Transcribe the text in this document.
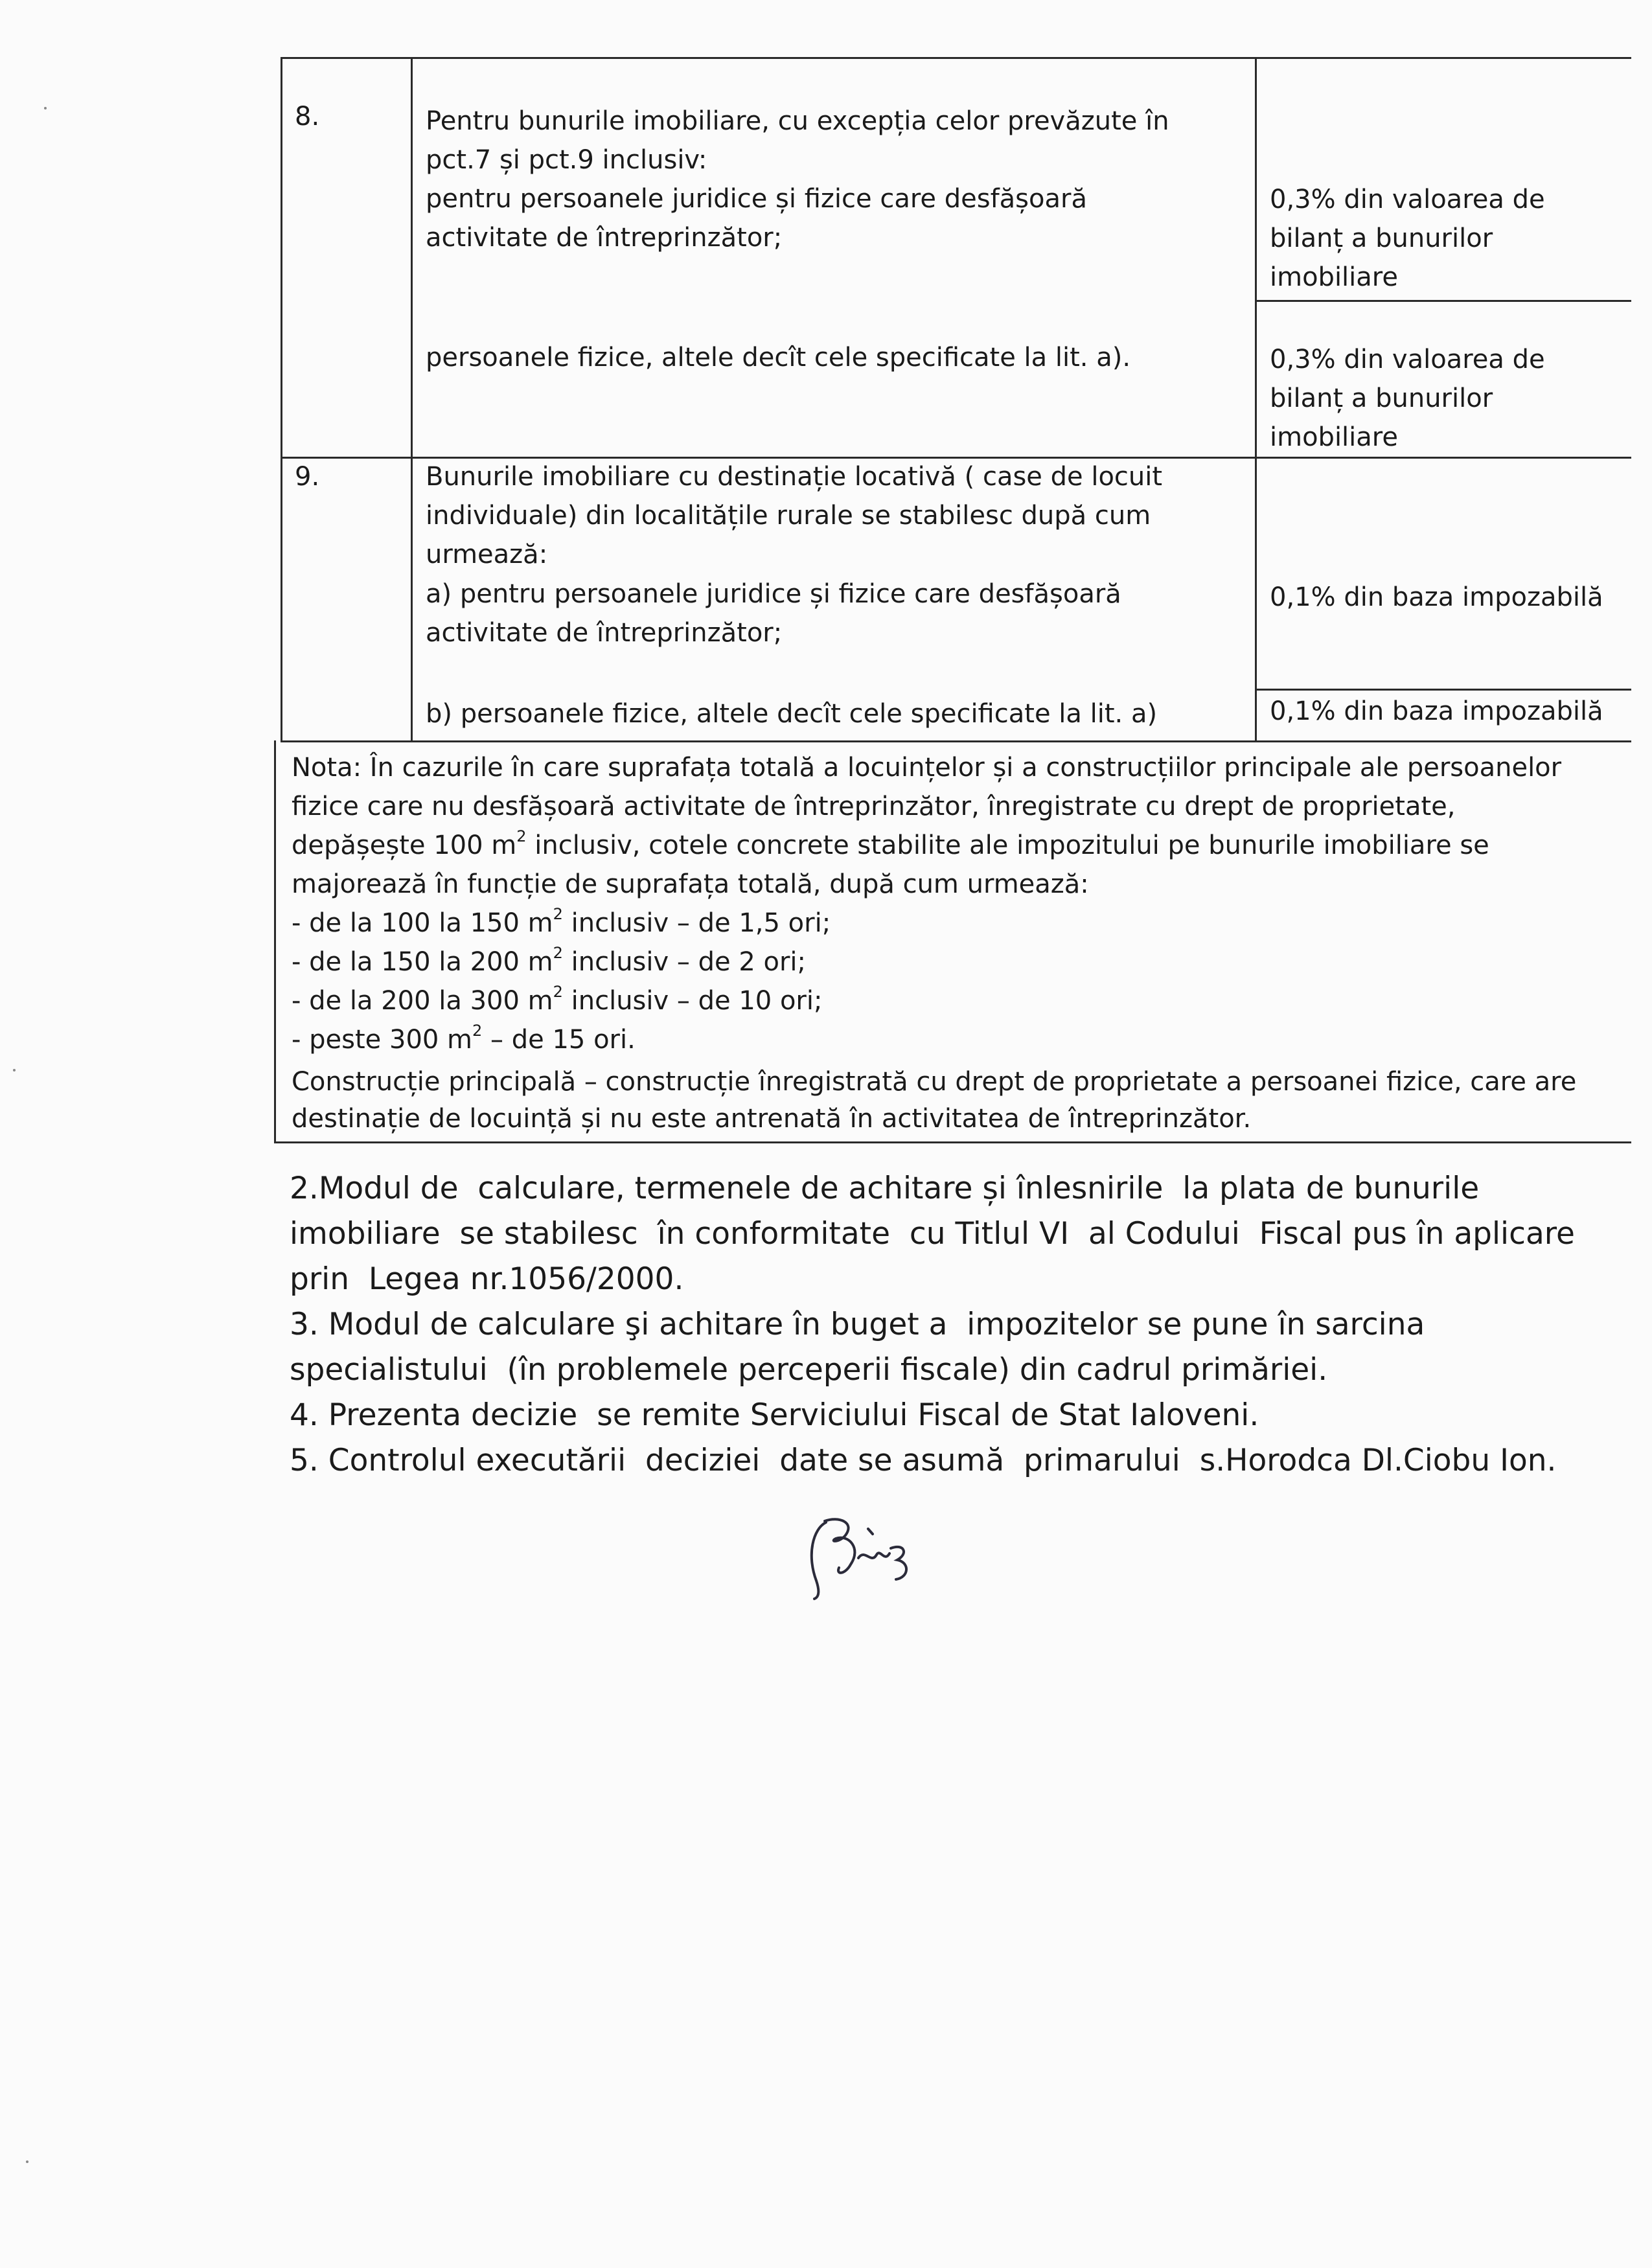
8.	Pentru bunurile imobiliare, cu excepția celor prevăzute în
pct.7 și pct.9 inclusiv:
pentru persoanele juridice și fizice care desfășoară
activitate de întreprinzător;
persoanele fizice, altele decît cele specificate la lit. a).
0,3% din valoarea de
bilanț a bunurilor
imobiliare
0,3% din valoarea de
bilanț a bunurilor
imobiliare
9.	Bunurile imobiliare cu destinație locativă ( case de locuit
individuale) din localitățile rurale se stabilesc după cum
urmează:
a) pentru persoanele juridice și fizice care desfășoară
activitate de întreprinzător;
b) persoanele fizice, altele decît cele specificate la lit. a)
0,1% din baza impozabilă
0,1% din baza impozabilă
Nota: În cazurile în care suprafața totală a locuințelor și a construcțiilor principale ale persoanelor
fizice care nu desfășoară activitate de întreprinzător, înregistrate cu drept de proprietate,
depășește 100 $m^2$ inclusiv, cotele concrete stabilite ale impozitului pe bunurile imobiliare se
majorează în funcție de suprafața totală, după cum urmează:
- de la 100 la 150 $m^2$ inclusiv – de 1,5 ori;
- de la 150 la 200 $m^2$ inclusiv – de 2 ori;
- de la 200 la 300 $m^2$ inclusiv – de 10 ori;
- peste 300 $m^2$ – de 15 ori.
Construcție principală – construcție înregistrată cu drept de proprietate a persoanei fizice, care are
destinație de locuință și nu este antrenată în activitatea de întreprinzător.
2.Modul de  calculare, termenele de achitare și înlesnirile  la plata de bunurile
imobiliare  se stabilesc  în conformitate  cu Titlul VI  al Codului  Fiscal pus în aplicare
prin  Legea nr.1056/2000.
3. Modul de calculare şi achitare în buget a  impozitelor se pune în sarcina
specialistului  (în problemele perceperii fiscale) din cadrul primăriei.
4. Prezenta decizie  se remite Serviciului Fiscal de Stat Ialoveni.
5. Controlul executării  deciziei  date se asumă  primarului  s.Horodca Dl.Ciobu Ion.
